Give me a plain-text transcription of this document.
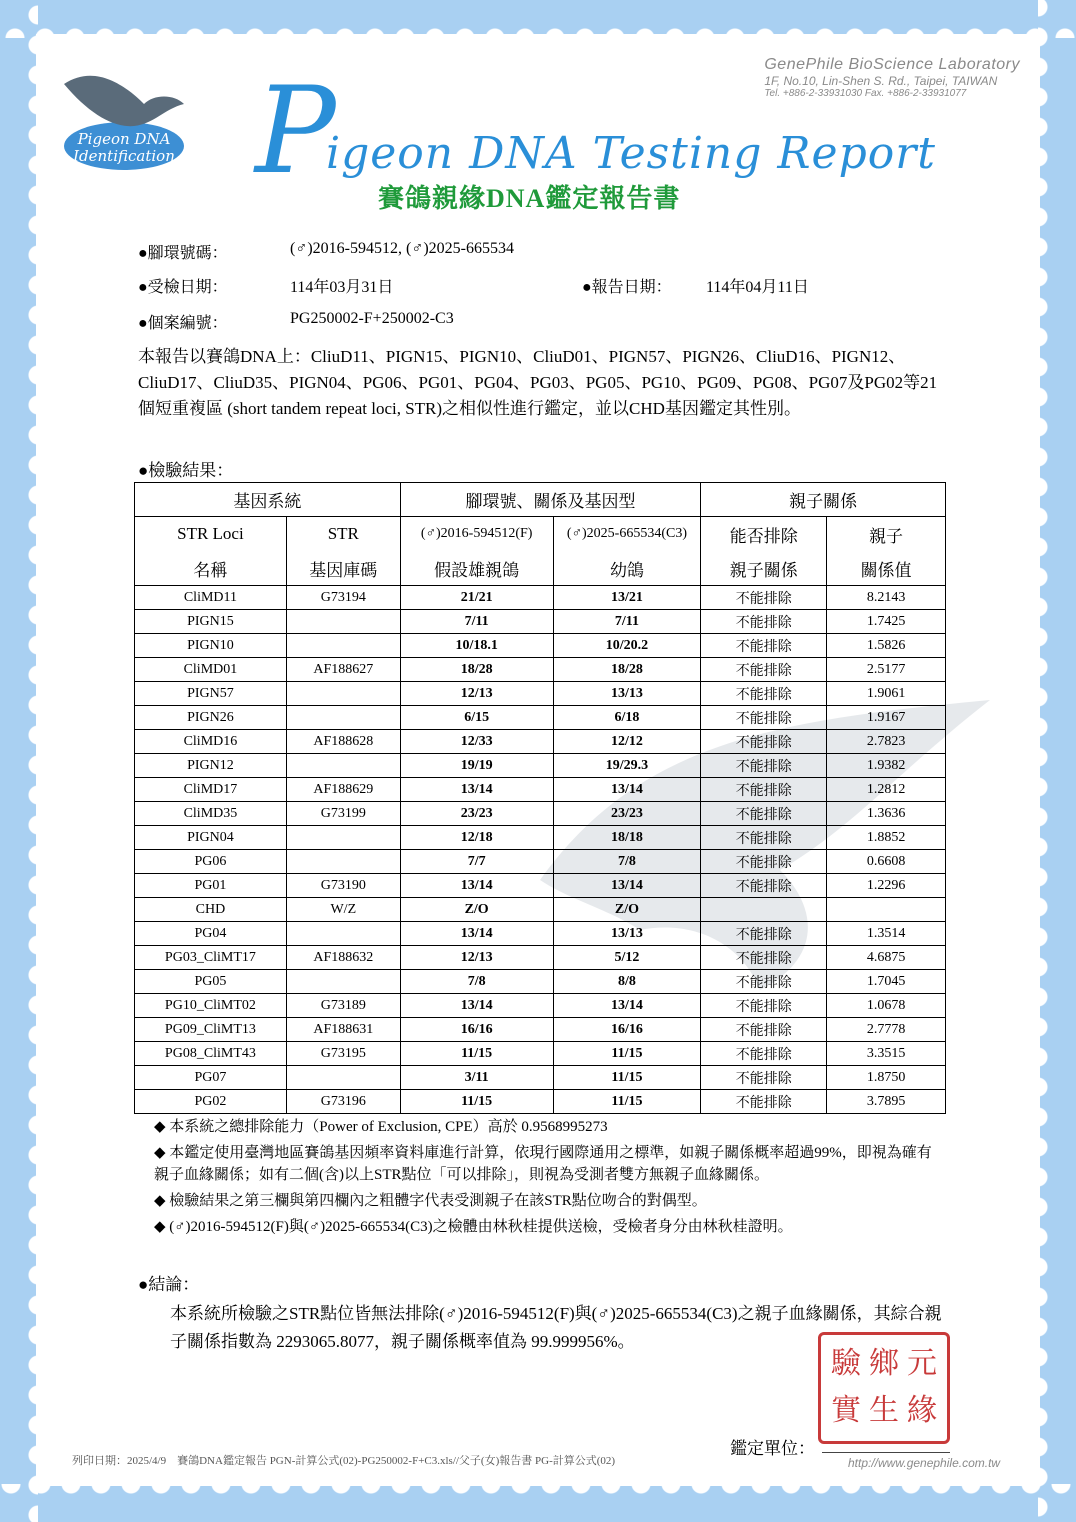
GenePhile BioScience Laboratory
1F, No.10, Lin-Shen S. Rd., Taipei, TAIWAN
Tel. +886-2-33931030 Fax. +886-2-33931077
Pigeon DNA
Identification P
igeon DNA Testing Report
賽鴿親緣DNA鑑定報告書
●腳環號碼：	(♂)2016-594512, (♂)2025-665534
●受檢日期：	114年03月31日	●報告日期： 114年04月11日
●個案編號：	PG250002-F+250002-C3
本報告以賽鴿DNA上：CliuD11、PIGN15、PIGN10、CliuD01、PIGN57、PIGN26、CliuD16、PIGN12、CliuD17、CliuD35、PIGN04、PG06、PG01、PG04、PG03、PG05、PG10、PG09、PG08、PG07及PG02等21個短重複區 (short tandem repeat loci, STR)之相似性進行鑑定，並以CHD基因鑑定其性別。
●檢驗結果：
基因系統		腳環號、關係及基因型		親子關係	
STR Loci	STR	(♂)2016-594512(F)	(♂)2025-665534(C3)	能否排除	親子
名稱	基因庫碼	假設雄親鴿	幼鴿	親子關係	關係值
CliMD11	G73194	21/21	13/21	不能排除	8.2143
PIGN15		7/11	7/11	不能排除	1.7425
PIGN10		10/18.1	10/20.2	不能排除	1.5826
CliMD01	AF188627	18/28	18/28	不能排除	2.5177
PIGN57		12/13	13/13	不能排除	1.9061
PIGN26		6/15	6/18	不能排除	1.9167
CliMD16	AF188628	12/33	12/12	不能排除	2.7823
PIGN12		19/19	19/29.3	不能排除	1.9382
CliMD17	AF188629	13/14	13/14	不能排除	1.2812
CliMD35	G73199	23/23	23/23	不能排除	1.3636
PIGN04		12/18	18/18	不能排除	1.8852
PG06		7/7	7/8	不能排除	0.6608
PG01	G73190	13/14	13/14	不能排除	1.2296
CHD	W/Z	Z/O	Z/O		
PG04		13/14	13/13	不能排除	1.3514
PG03_CliMT17	AF188632	12/13	5/12	不能排除	4.6875
PG05		7/8	8/8	不能排除	1.7045
PG10_CliMT02	G73189	13/14	13/14	不能排除	1.0678
PG09_CliMT13	AF188631	16/16	16/16	不能排除	2.7778
PG08_CliMT43	G73195	11/15	11/15	不能排除	3.3515
PG07		3/11	11/15	不能排除	1.8750
PG02	G73196	11/15	11/15	不能排除	3.7895

◆ 本系統之總排除能力（Power of Exclusion, CPE）高於 0.9568995273

◆ 本鑑定使用臺灣地區賽鴿基因頻率資料庫進行計算，依現行國際通用之標準，如親子關係概率超過99%，即視為確有親子血緣關係；如有二個(含)以上STR點位「可以排除」，則視為受測者雙方無親子血緣關係。

◆ 檢驗結果之第三欄與第四欄內之粗體字代表受測親子在該STR點位吻合的對偶型。

◆ (♂)2016-594512(F)與(♂)2025-665534(C3)之檢體由林秋桂提供送檢，受檢者身分由林秋桂證明。

●結論：
本系統所檢驗之STR點位皆無法排除(♂)2016-594512(F)與(♂)2025-665534(C3)之親子血緣關係，其綜合親子關係指數為 2293065.8077，親子關係概率值為 99.999956%。
驗 鄉 元
實 生 緣
鑑定單位：
列印日期：2025/4/9　賽鴿DNA鑑定報告 PGN-計算公式(02)-PG250002-F+C3.xls//父子(女)報告書 PG-計算公式(02)	http://www.genephile.com.tw
